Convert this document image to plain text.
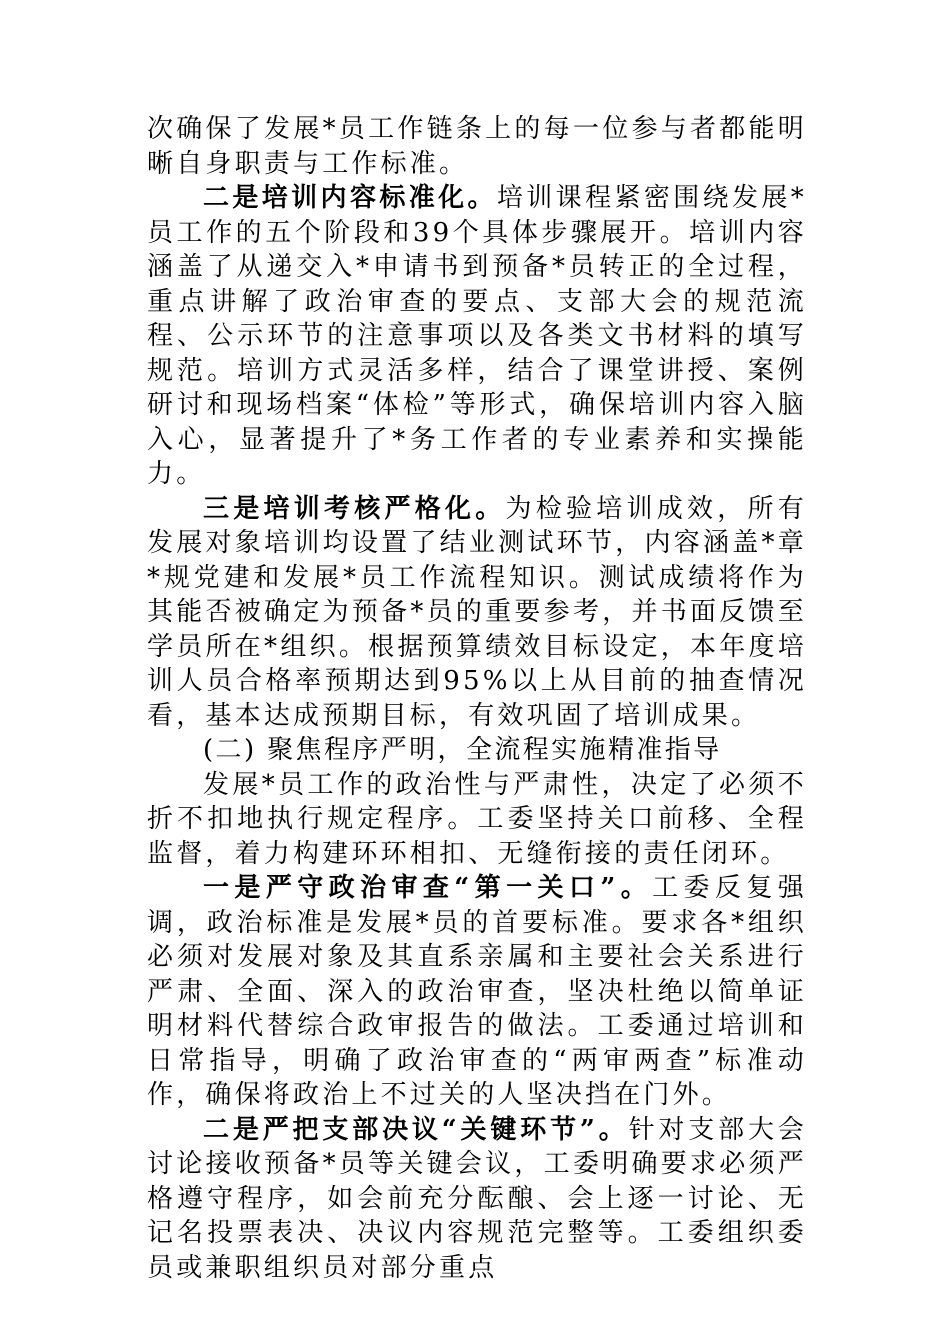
次确保了发展*员工作链条上的每一位参与者都能明晰自身职责与工作标准。

二是培训内容标准化。培训课程紧密围绕发展*员工作的五个阶段和39个具体步骤展开。培训内容涵盖了从递交入*申请书到预备*员转正的全过程，重点讲解了政治审查的要点、支部大会的规范流程、公示环节的注意事项以及各类文书材料的填写规范。培训方式灵活多样，结合了课堂讲授、案例研讨和现场档案“体检”等形式，确保培训内容入脑入心，显著提升了*务工作者的专业素养和实操能力。

三是培训考核严格化。为检验培训成效，所有发展对象培训均设置了结业测试环节，内容涵盖*章*规党建和发展*员工作流程知识。测试成绩将作为其能否被确定为预备*员的重要参考，并书面反馈至学员所在*组织。根据预算绩效目标设定，本年度培训人员合格率预期达到95%以上从目前的抽查情况看，基本达成预期目标，有效巩固了培训成果。

(二) 聚焦程序严明，全流程实施精准指导

发展*员工作的政治性与严肃性，决定了必须不折不扣地执行规定程序。工委坚持关口前移、全程监督，着力构建环环相扣、无缝衔接的责任闭环。

一是严守政治审查“第一关口”。工委反复强调，政治标准是发展*员的首要标准。要求各*组织必须对发展对象及其直系亲属和主要社会关系进行严肃、全面、深入的政治审查，坚决杜绝以简单证明材料代替综合政审报告的做法。工委通过培训和日常指导，明确了政治审查的“两审两查”标准动作，确保将政治上不过关的人坚决挡在门外。

二是严把支部决议“关键环节”。针对支部大会讨论接收预备*员等关键会议，工委明确要求必须严格遵守程序，如会前充分酝酿、会上逐一讨论、无记名投票表决、决议内容规范完整等。工委组织委员或兼职组织员对部分重点
